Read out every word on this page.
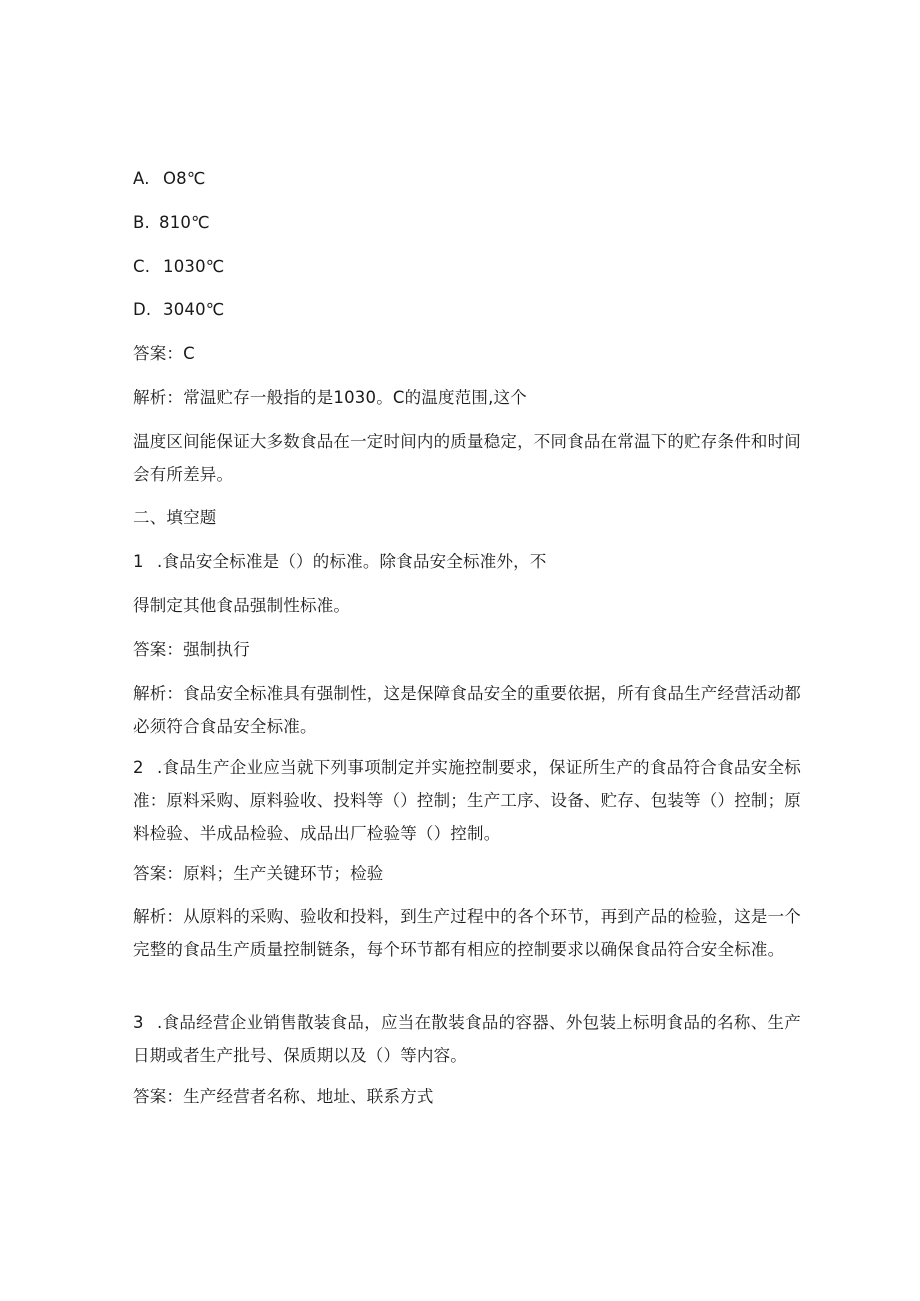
A. O8℃
B. 810℃
C. 1030℃
D. 3040℃
答案：C
解析：常温贮存一般指的是1030。C的温度范围,这个
温度区间能保证大多数食品在一定时间内的质量稳定，不同食品在常温下的贮存条件和时间会有所差异。
二、填空题
1 .食品安全标准是（）的标准。除食品安全标准外，不
得制定其他食品强制性标准。
答案：强制执行
解析：食品安全标准具有强制性，这是保障食品安全的重要依据，所有食品生产经营活动都必须符合食品安全标准。
2 .食品生产企业应当就下列事项制定并实施控制要求，保证所生产的食品符合食品安全标准：原料采购、原料验收、投料等（）控制；生产工序、设备、贮存、包装等（）控制；原料检验、半成品检验、成品出厂检验等（）控制。
答案：原料；生产关键环节；检验
解析：从原料的采购、验收和投料，到生产过程中的各个环节，再到产品的检验，这是一个完整的食品生产质量控制链条，每个环节都有相应的控制要求以确保食品符合安全标准。
3 .食品经营企业销售散装食品，应当在散装食品的容器、外包装上标明食品的名称、生产日期或者生产批号、保质期以及（）等内容。
答案：生产经营者名称、地址、联系方式
